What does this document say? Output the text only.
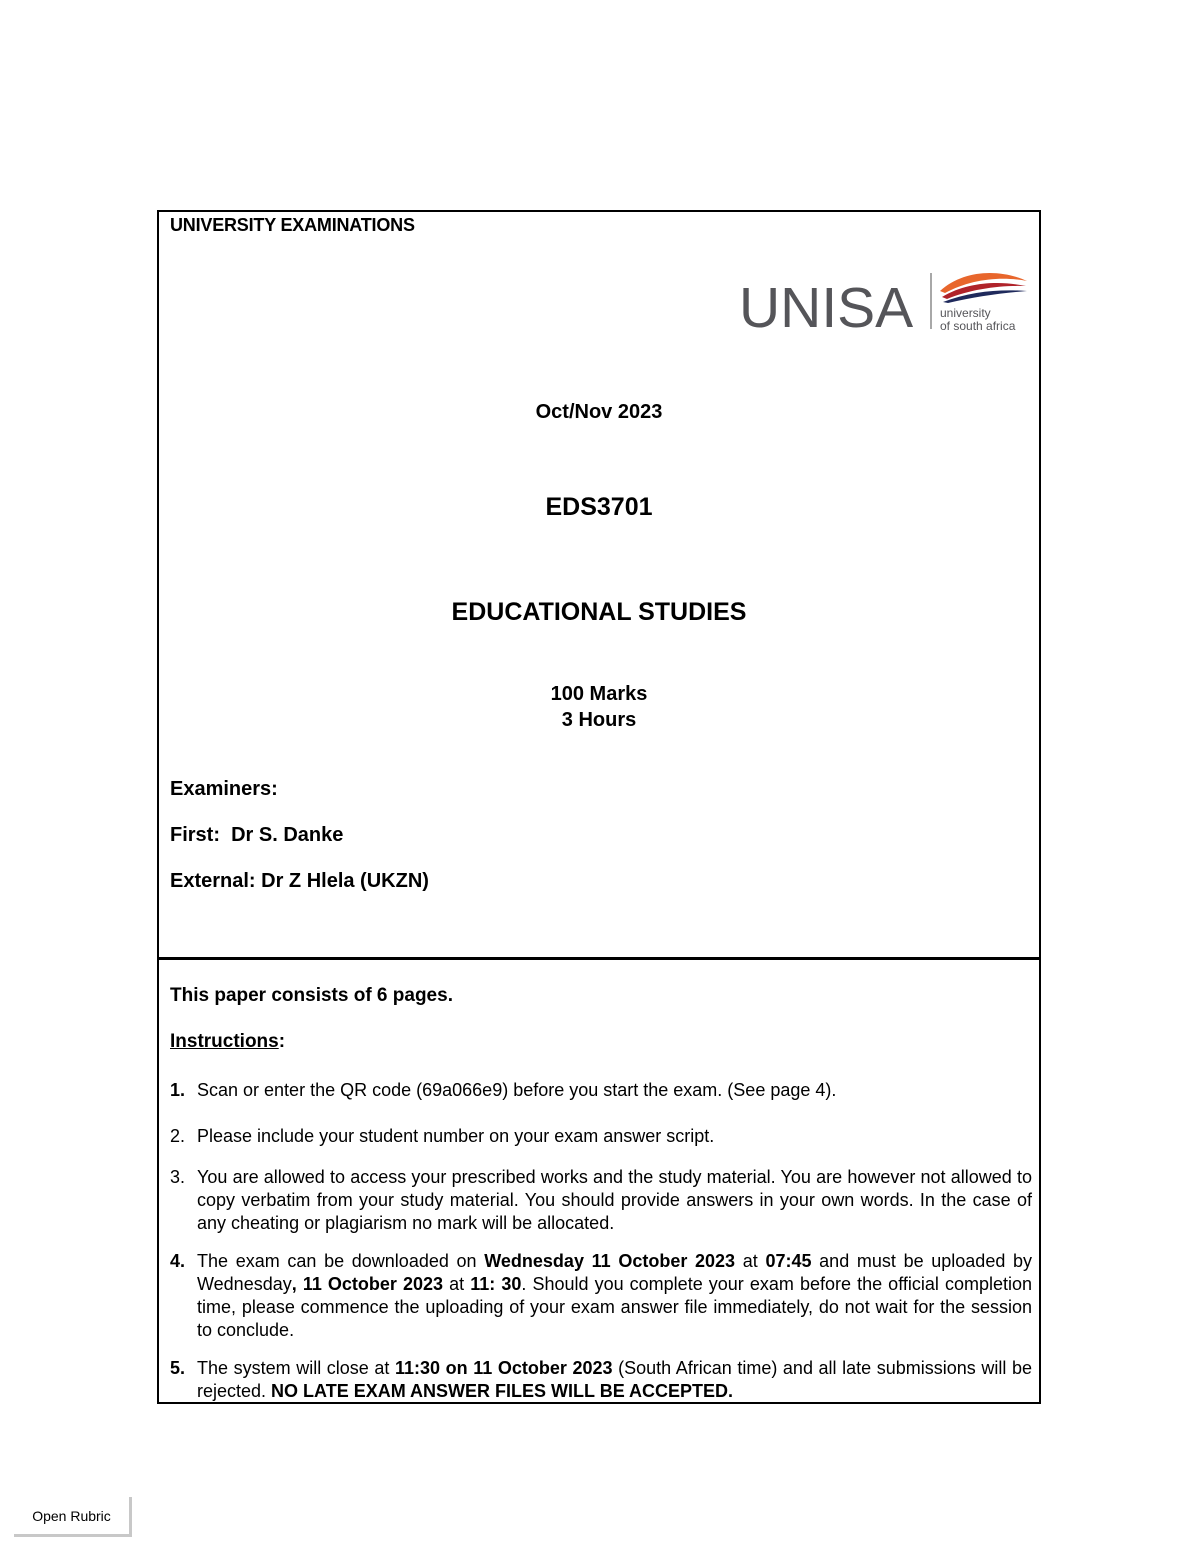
UNIVERSITY EXAMINATIONS
UNISA university
of south africa
Oct/Nov 2023
EDS3701
EDUCATIONAL STUDIES
100 Marks
3 Hours
Examiners:
First:  Dr S. Danke
External: Dr Z Hlela (UKZN)
This paper consists of 6 pages.
Instructions:
1. Scan or enter the QR code (69a066e9) before you start the exam. (See page 4).
2. Please include your student number on your exam answer script.
3. You are allowed to access your prescribed works and the study material. You are however not allowed to copy verbatim from your study material. You should provide answers in your own words. In the case of any cheating or plagiarism no mark will be allocated.
4. The exam can be downloaded on Wednesday 11 October 2023 at 07:45 and must be uploaded by Wednesday, 11 October 2023 at 11: 30. Should you complete your exam before the official completion time, please commence the uploading of your exam answer file immediately, do not wait for the session to conclude.
5. The system will close at 11:30 on 11 October 2023 (South African time) and all late submissions will be rejected. NO LATE EXAM ANSWER FILES WILL BE ACCEPTED.
Open Rubric
